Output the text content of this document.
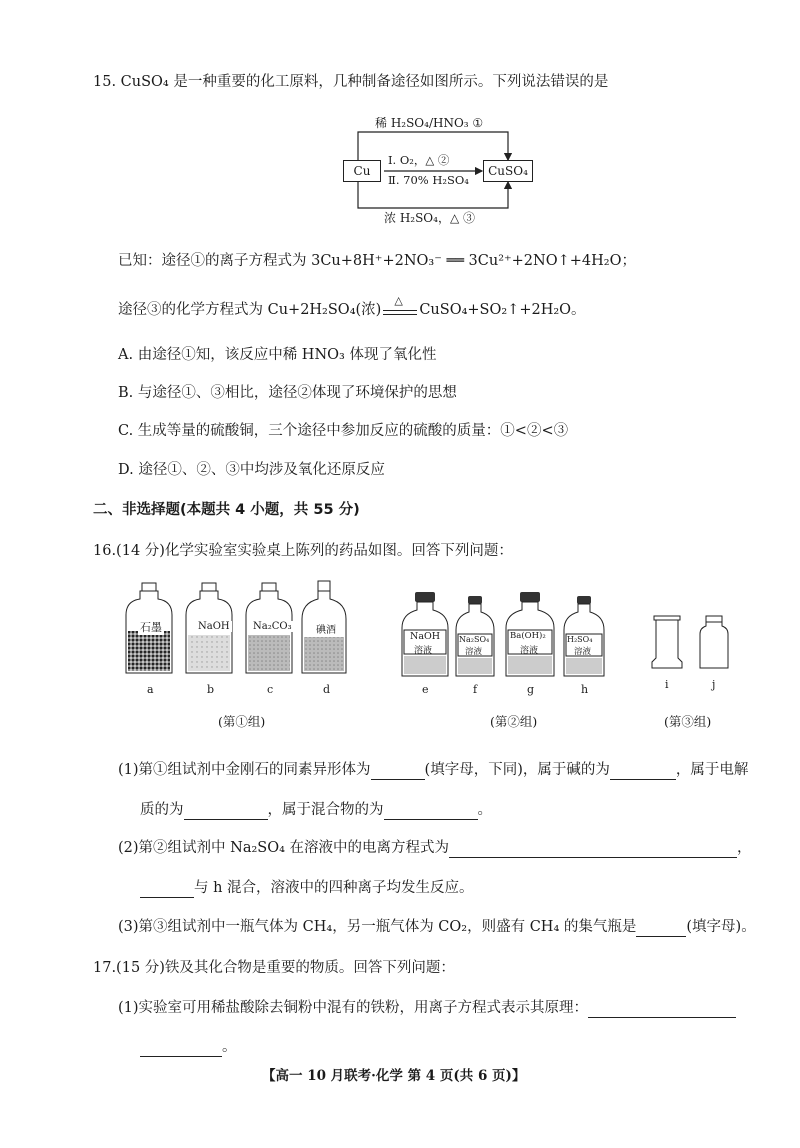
15. CuSO₄ 是一种重要的化工原料，几种制备途径如图所示。下列说法错误的是
Cu	CuSO₄
稀 H₂SO₄/HNO₃ ①
Ⅰ. O₂，△ ②
Ⅱ. 70% H₂SO₄
浓 H₂SO₄，△ ③
已知：途径①的离子方程式为 3Cu+8H⁺+2NO₃⁻ ══ 3Cu²⁺+2NO↑+4H₂O；
途径③的化学方程式为 Cu+2H₂SO₄(浓)
△
CuSO₄+SO₂↑+2H₂O。
A. 由途径①知，该反应中稀 HNO₃ 体现了氧化性
B. 与途径①、③相比，途径②体现了环境保护的思想
C. 生成等量的硫酸铜，三个途径中参加反应的硫酸的质量：①<②<③
D. 途径①、②、③中均涉及氧化还原反应
二、非选择题(本题共 4 小题，共 55 分)
16.(14 分)化学实验室实验桌上陈列的药品如图。回答下列问题：
石墨	NaOH Na₂CO₃ 碘酒
a	b	c	d
(第①组)
NaOH
溶液
Na₂SO₄
溶液
Ba(OH)₂
溶液
H₂SO₄
溶液
e	f	g	h
(第②组)
i	j
(第③组)
(1)第①组试剂中金刚石的同素异形体为	(填字母，下同)，属于碱的为	，属于电解
质的为	，属于混合物的为	。
(2)第②组试剂中 Na₂SO₄ 在溶液中的电离方程式为	，
与 h 混合，溶液中的四种离子均发生反应。
(3)第③组试剂中一瓶气体为 CH₄，另一瓶气体为 CO₂，则盛有 CH₄ 的集气瓶是	(填字母)。
17.(15 分)铁及其化合物是重要的物质。回答下列问题：
(1)实验室可用稀盐酸除去铜粉中混有的铁粉，用离子方程式表示其原理：
。
【高一 10 月联考·化学 第 4 页(共 6 页)】
